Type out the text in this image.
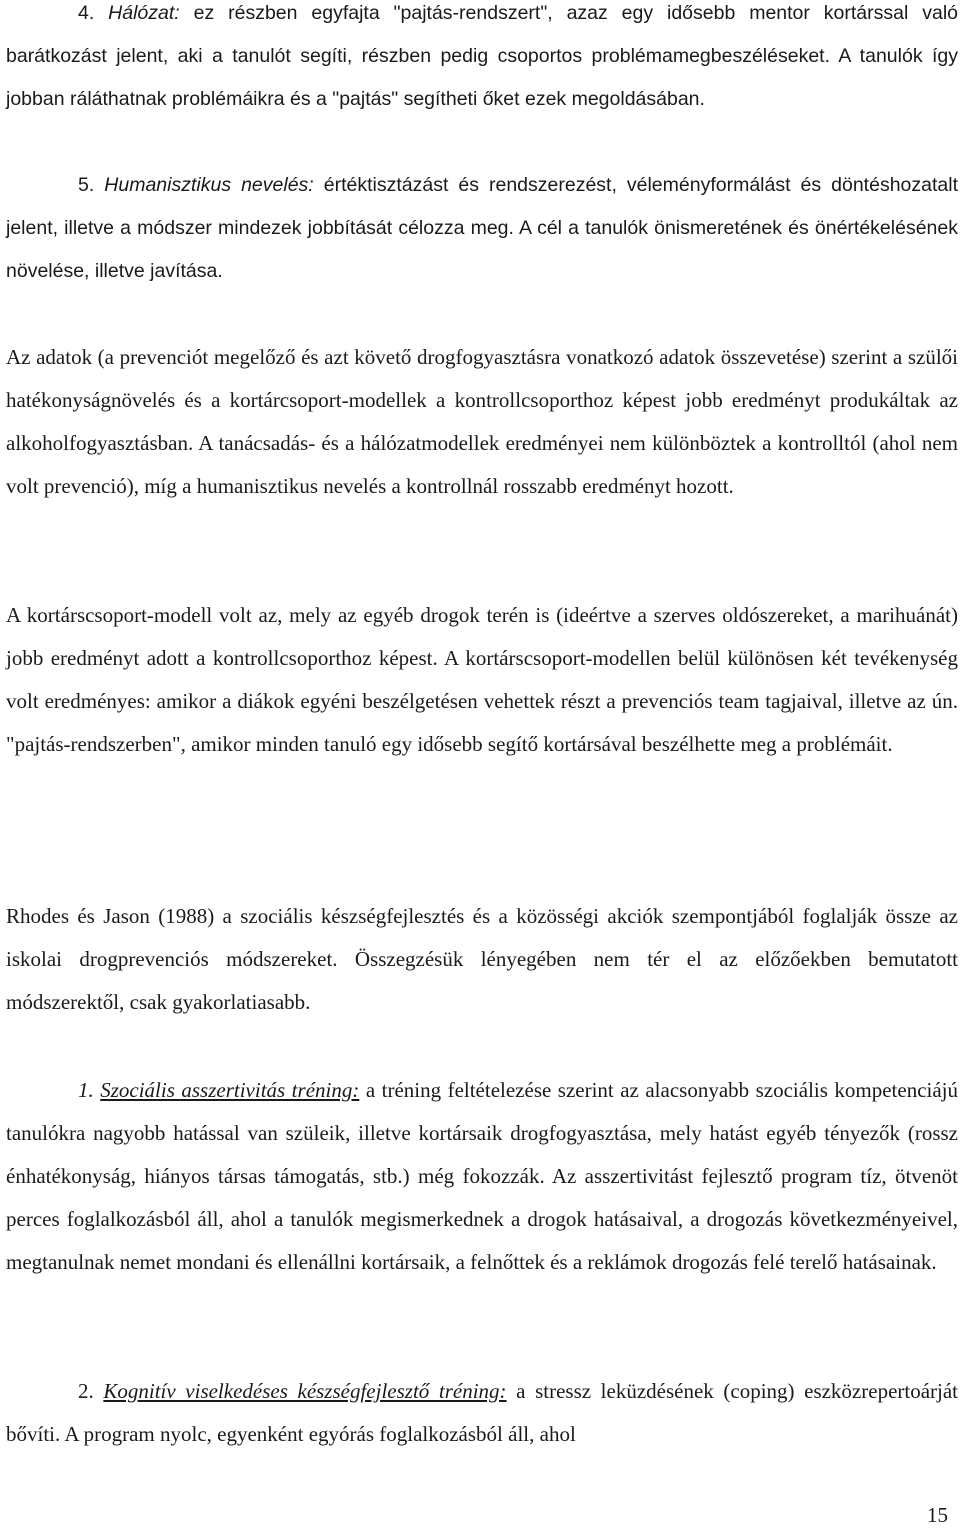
4. Hálózat: ez részben egyfajta "pajtás-rendszert", azaz egy idősebb mentor kortárssal való barátkozást jelent, aki a tanulót segíti, részben pedig csoportos problémamegbeszéléseket. A tanulók így jobban ráláthatnak problémáikra és a "pajtás" segítheti őket ezek megoldásában.

5. Humanisztikus nevelés: értéktisztázást és rendszerezést, véleményformálást és döntéshozatalt jelent, illetve a módszer mindezek jobbítását célozza meg. A cél a tanulók önismeretének és önértékelésének növelése, illetve javítása.

Az adatok (a prevenciót megelőző és azt követő drogfogyasztásra vonatkozó adatok összevetése) szerint a szülői hatékonyságnövelés és a kortárcsoport-modellek a kontrollcsoporthoz képest jobb eredményt produkáltak az alkoholfogyasztásban. A tanácsadás- és a hálózatmodellek eredményei nem különböztek a kontrolltól (ahol nem volt prevenció), míg a humanisztikus nevelés a kontrollnál rosszabb eredményt hozott.

A kortárscsoport-modell volt az, mely az egyéb drogok terén is (ideértve a szerves oldószereket, a marihuánát) jobb eredményt adott a kontrollcsoporthoz képest. A kortárscsoport-modellen belül különösen két tevékenység volt eredményes: amikor a diákok egyéni beszélgetésen vehettek részt a prevenciós team tagjaival, illetve az ún. "pajtás-rendszerben", amikor minden tanuló egy idősebb segítő kortársával beszélhette meg a problémáit.

Rhodes és Jason (1988) a szociális készségfejlesztés és a közösségi akciók szempontjából foglalják össze az iskolai drogprevenciós módszereket. Összegzésük lényegében nem tér el az előzőekben bemutatott módszerektől, csak gyakorlatiasabb.

1. Szociális asszertivitás tréning: a tréning feltételezése szerint az alacsonyabb szociális kompetenciájú tanulókra nagyobb hatással van szüleik, illetve kortársaik drogfogyasztása, mely hatást egyéb tényezők (rossz énhatékonyság, hiányos társas támogatás, stb.) még fokozzák. Az asszertivitást fejlesztő program tíz, ötvenöt perces foglalkozásból áll, ahol a tanulók megismerkednek a drogok hatásaival, a drogozás következményeivel, megtanulnak nemet mondani és ellenállni kortársaik, a felnőttek és a reklámok drogozás felé terelő hatásainak.

2. Kognitív viselkedéses készségfejlesztő tréning: a stressz leküzdésének (coping) eszközrepertoárját bővíti. A program nyolc, egyenként egyórás foglalkozásból áll, ahol

15
